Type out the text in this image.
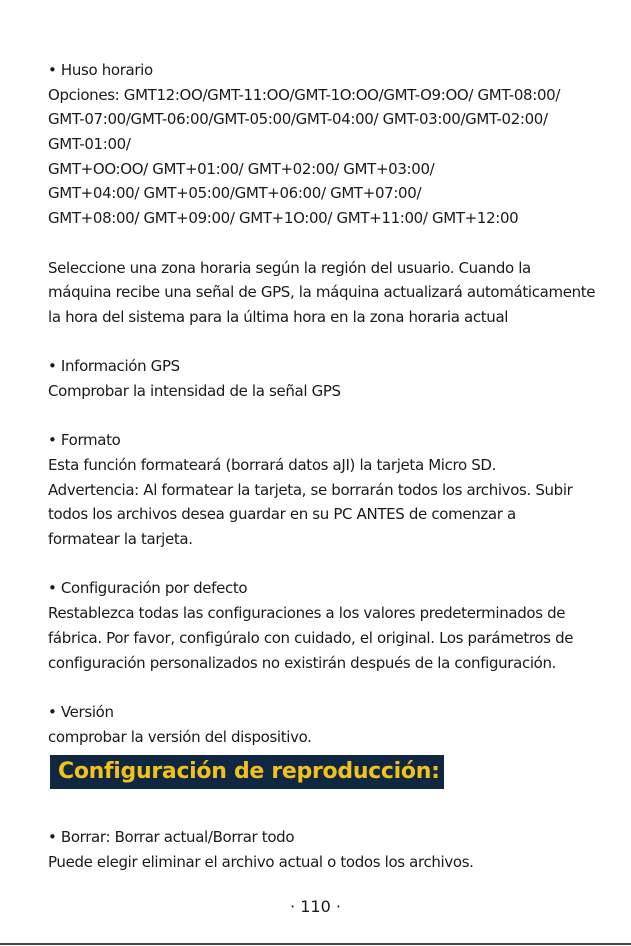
• Huso horario
Opciones: GMT12:OO/GMT-11:OO/GMT-1O:OO/GMT-O9:OO/ GMT-08:00/
GMT-07:00/GMT-06:00/GMT-05:00/GMT-04:00/ GMT-03:00/GMT-02:00/
GMT-01:00/
GMT+OO:OO/ GMT+01:00/ GMT+02:00/ GMT+03:00/
GMT+04:00/ GMT+05:00/GMT+06:00/ GMT+07:00/
GMT+08:00/ GMT+09:00/ GMT+1O:00/ GMT+11:00/ GMT+12:00
Seleccione una zona horaria según la región del usuario. Cuando la
máquina recibe una señal de GPS, la máquina actualizará automáticamente
la hora del sistema para la última hora en la zona horaria actual
• Información GPS
Comprobar la intensidad de la señal GPS
• Formato
Esta función formateará (borrará datos aJI) la tarjeta Micro SD.
Advertencia: Al formatear la tarjeta, se borrarán todos los archivos. Subir
todos los archivos desea guardar en su PC ANTES de comenzar a
formatear la tarjeta.
• Configuración por defecto
Restablezca todas las configuraciones a los valores predeterminados de
fábrica. Por favor, configúralo con cuidado, el original. Los parámetros de
configuración personalizados no existirán después de la configuración.
• Versión
comprobar la versión del dispositivo.
Configuración de reproducción:
• Borrar: Borrar actual/Borrar todo
Puede elegir eliminar el archivo actual o todos los archivos.
· 110 ·
